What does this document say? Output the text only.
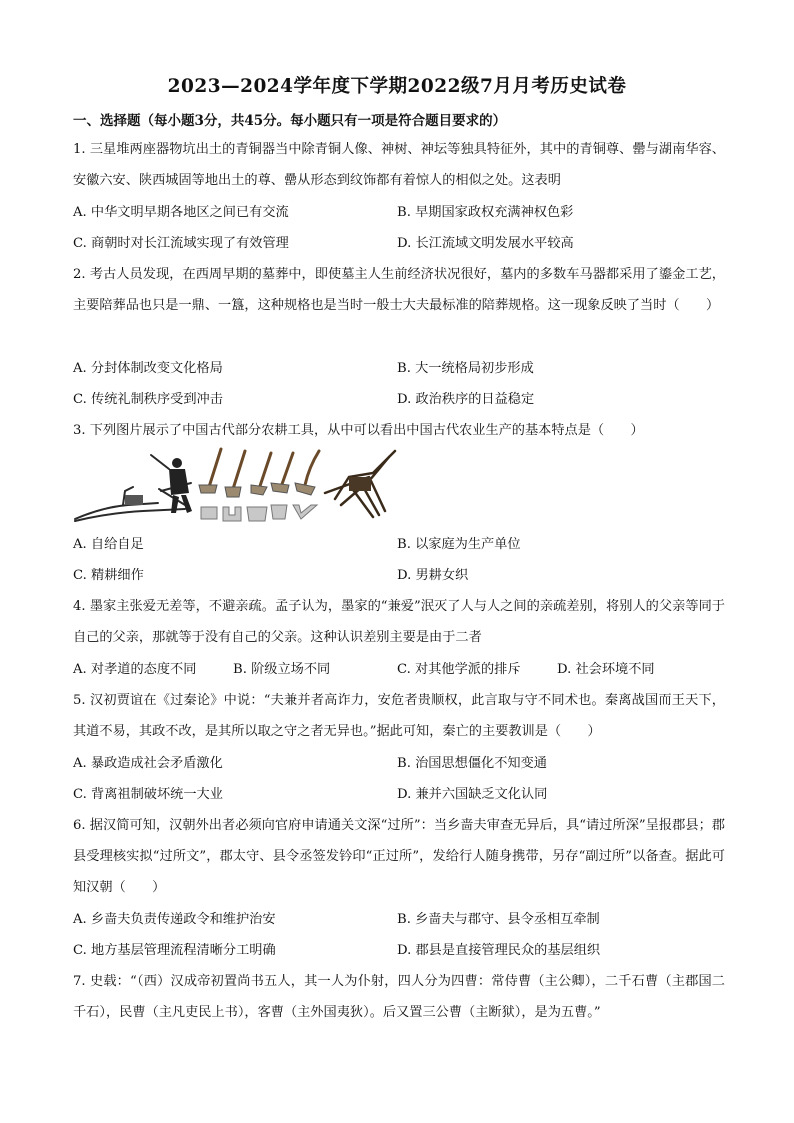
2023—2024学年度下学期2022级7月月考历史试卷
一、选择题（每小题3分，共45分。每小题只有一项是符合题目要求的）
1. 三星堆两座器物坑出土的青铜器当中除青铜人像、神树、神坛等独具特征外，其中的青铜尊、罍与湖南华容、安徽六安、陕西城固等地出土的尊、罍从形态到纹饰都有着惊人的相似之处。这表明
A. 中华文明早期各地区之间已有交流	B. 早期国家政权充满神权色彩
C. 商朝时对长江流域实现了有效管理	D. 长江流域文明发展水平较高
2. 考古人员发现，在西周早期的墓葬中，即使墓主人生前经济状况很好，墓内的多数车马器都采用了鎏金工艺，主要陪葬品也只是一鼎、一簋，这种规格也是当时一般士大夫最标准的陪葬规格。这一现象反映了当时（　　）
A. 分封体制改变文化格局	B. 大一统格局初步形成
C. 传统礼制秩序受到冲击	D. 政治秩序的日益稳定
3. 下列图片展示了中国古代部分农耕工具，从中可以看出中国古代农业生产的基本特点是（　　）
A. 自给自足	B. 以家庭为生产单位
C. 精耕细作	D. 男耕女织
4. 墨家主张爱无差等，不避亲疏。孟子认为，墨家的“兼爱”泯灭了人与人之间的亲疏差别，将别人的父亲等同于自己的父亲，那就等于没有自己的父亲。这种认识差别主要是由于二者
A. 对孝道的态度不同	B. 阶级立场不同	C. 对其他学派的排斥	D. 社会环境不同
5. 汉初贾谊在《过秦论》中说：“夫兼并者高诈力，安危者贵顺权，此言取与守不同术也。秦离战国而王天下，其道不易，其政不改，是其所以取之守之者无异也。”据此可知，秦亡的主要教训是（　　）
A. 暴政造成社会矛盾激化	B. 治国思想僵化不知变通
C. 背离祖制破坏统一大业	D. 兼并六国缺乏文化认同
6. 据汉简可知，汉朝外出者必须向官府申请通关文深“过所”：当乡啬夫审查无异后，具“请过所深”呈报郡县；郡县受理核实拟“过所文”，郡太守、县令丞签发钤印“正过所”，发给行人随身携带，另存“副过所”以备查。据此可知汉朝（　　）
A. 乡啬夫负责传递政令和维护治安	B. 乡啬夫与郡守、县令丞相互牵制
C. 地方基层管理流程清晰分工明确	D. 郡县是直接管理民众的基层组织
7. 史载：“（西）汉成帝初置尚书五人，其一人为仆射，四人分为四曹：常侍曹（主公卿），二千石曹（主郡国二千石），民曹（主凡吏民上书），客曹（主外国夷狄）。后又置三公曹（主断狱），是为五曹。”
